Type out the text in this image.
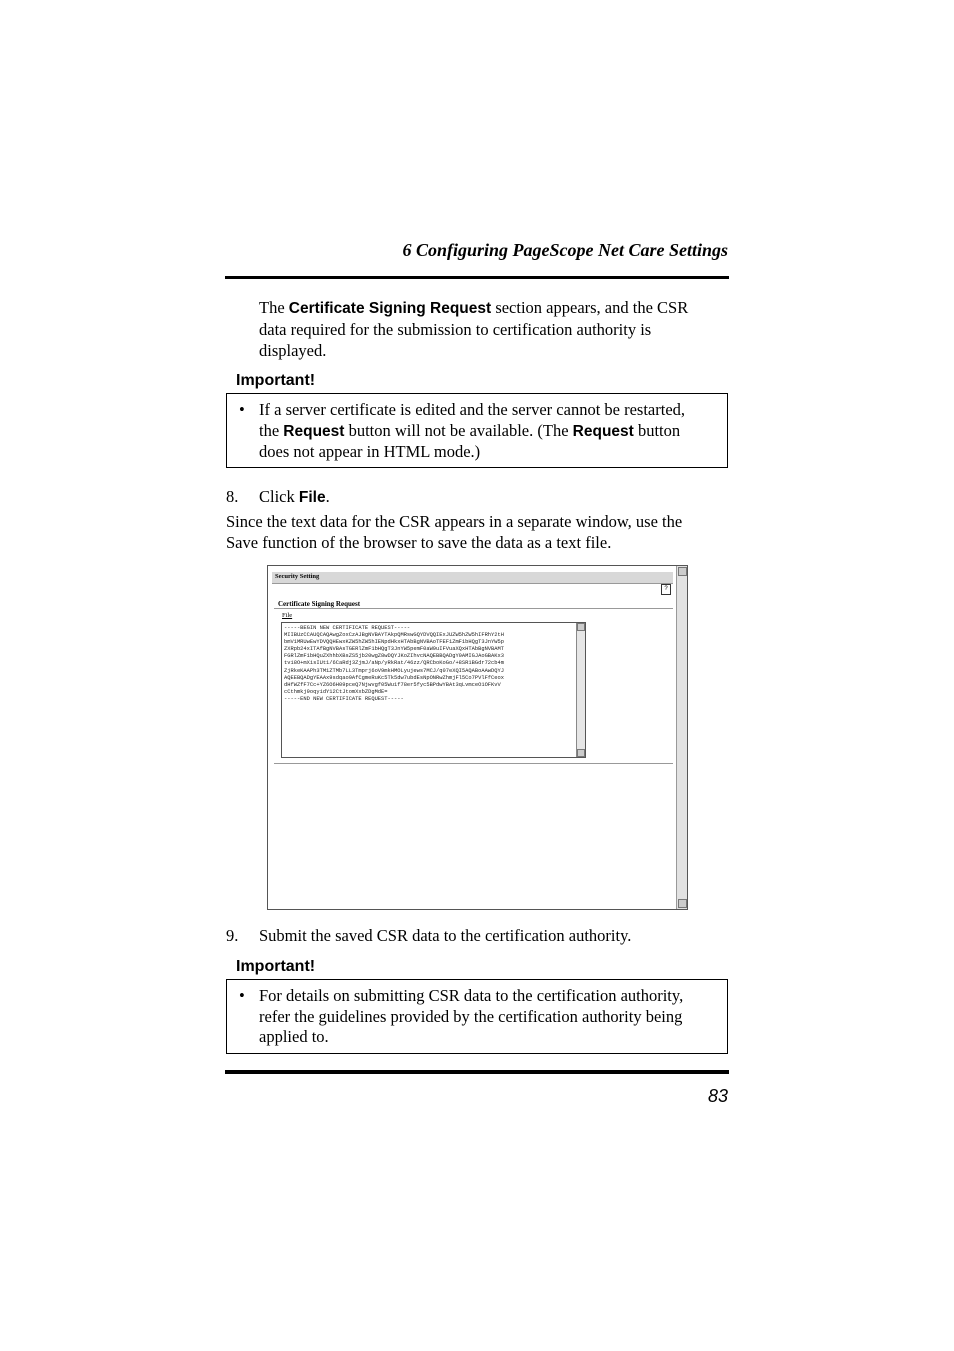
6 Configuring PageScope Net Care Settings
The Certificate Signing Request section appears, and the CSR
data required for the submission to certification authority is
displayed.
Important!
• If a server certificate is edited and the server cannot be restarted,
the Request button will not be available. (The Request button
does not appear in HTML mode.)
8. Click File.
Since the text data for the CSR appears in a separate window, use the
Save function of the browser to save the data as a text file.
Security Setting
?
Certificate Signing Request
File
-----BEGIN NEW CERTIFICATE REQUEST-----
MIIBUzCCAUQCAQAwgZoxCzAJBgNVBAYTAkpQMRswGQYDVQQIExJUZW5hZW5hIFRhY2tH
bmV1MRUwEwYDVQQHEwxKZW5hZW5hIENpdHkxHTAbBgNVBAoTFEF1ZmF1bHQgT3JnYW5p
ZXRpb24xITAfBgNVBAsTGERlZmF1bHQgT3JnYW5pemF0aW9uIFVuaXQxHTAbBgNVBAMT
FGRlZmF1bHQuZXhhbXBsZS5jb20wgZ8wDQYJKoZIhvcNAQEBBQADgY0AMIGJAoGBAKx3
tvi8O+mXisIUt1/6CaRdj3ZjmJ/aNp/yRkRat/46zz/QRCboKoGo/+8SR1BGdr72cb4m
ZjRkeKAAPh3TM1ZTMb7LL3Tmprj6oV9mkHMOLyujews7MCJ/q07eXQI5AQABoAAwDQYJ
AQEEBQADgYEAAx9sdqao9AfCgmeRuKc5Tk5dw7ubdEsNpONRwZhmjFl5Co7PVlFfCeox
dHfWZfF7Cc+YZ6O6H09pceQ7Njwvgf05Wu1f78er5fyc5BPdwYBAt3qLvmceO1OFKvV
cCthmkj9oqyidY12CtJtomXxbZDgMdE=
-----END NEW CERTIFICATE REQUEST-----
9. Submit the saved CSR data to the certification authority.
Important!
• For details on submitting CSR data to the certification authority,
refer the guidelines provided by the certification authority being
applied to.
83
